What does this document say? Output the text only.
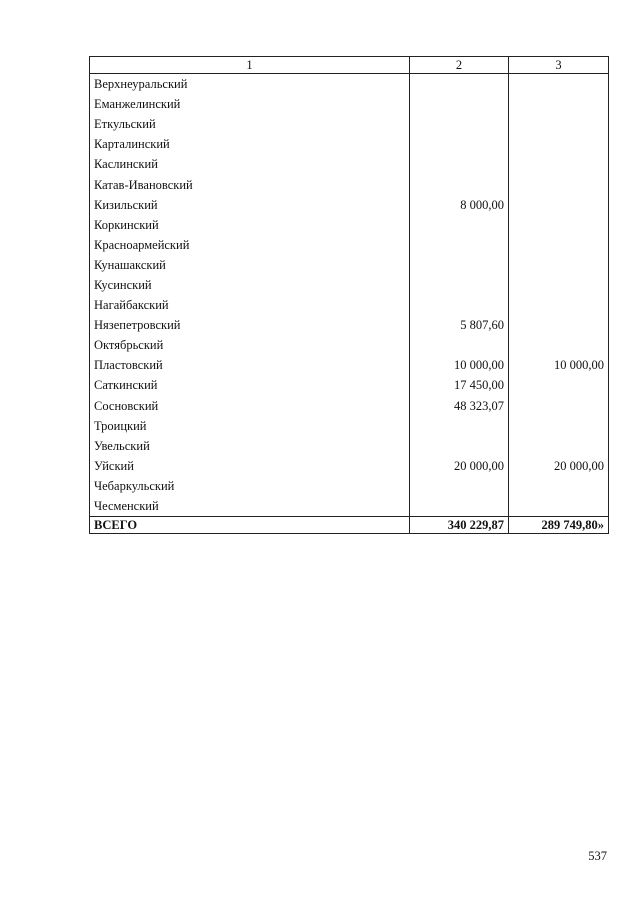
1	2	3
Верхнеуральский		
Еманжелинский		
Еткульский		
Карталинский		
Каслинский		
Катав-Ивановский		
Кизильский	8 000,00	
Коркинский		
Красноармейский		
Кунашакский		
Кусинский		
Нагайбакский		
Нязепетровский	5 807,60	
Октябрьский		
Пластовский	10 000,00	10 000,00
Саткинский	17 450,00	
Сосновский	48 323,07	
Троицкий		
Увельский		
Уйский	20 000,00	20 000,00
Чебаркульский		
Чесменский		
ВСЕГО	340 229,87	289 749,80»
537
